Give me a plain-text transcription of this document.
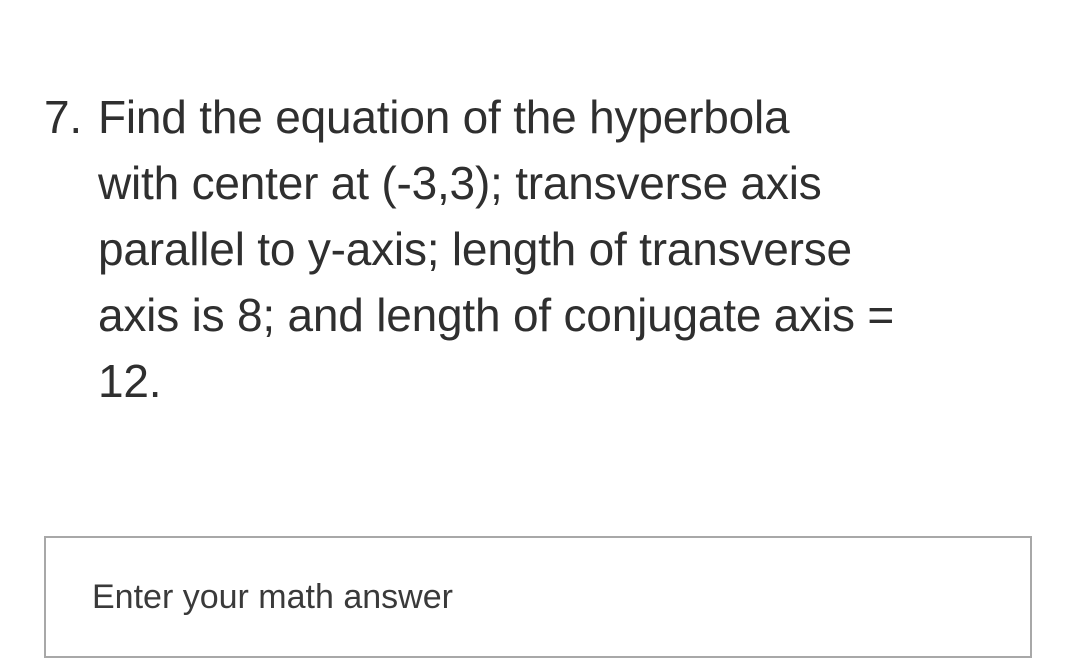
7. Find the equation of the hyperbola
with center at (-3,3); transverse axis
parallel to y-axis; length of transverse
axis is 8; and length of conjugate axis =
12.
Enter your math answer
